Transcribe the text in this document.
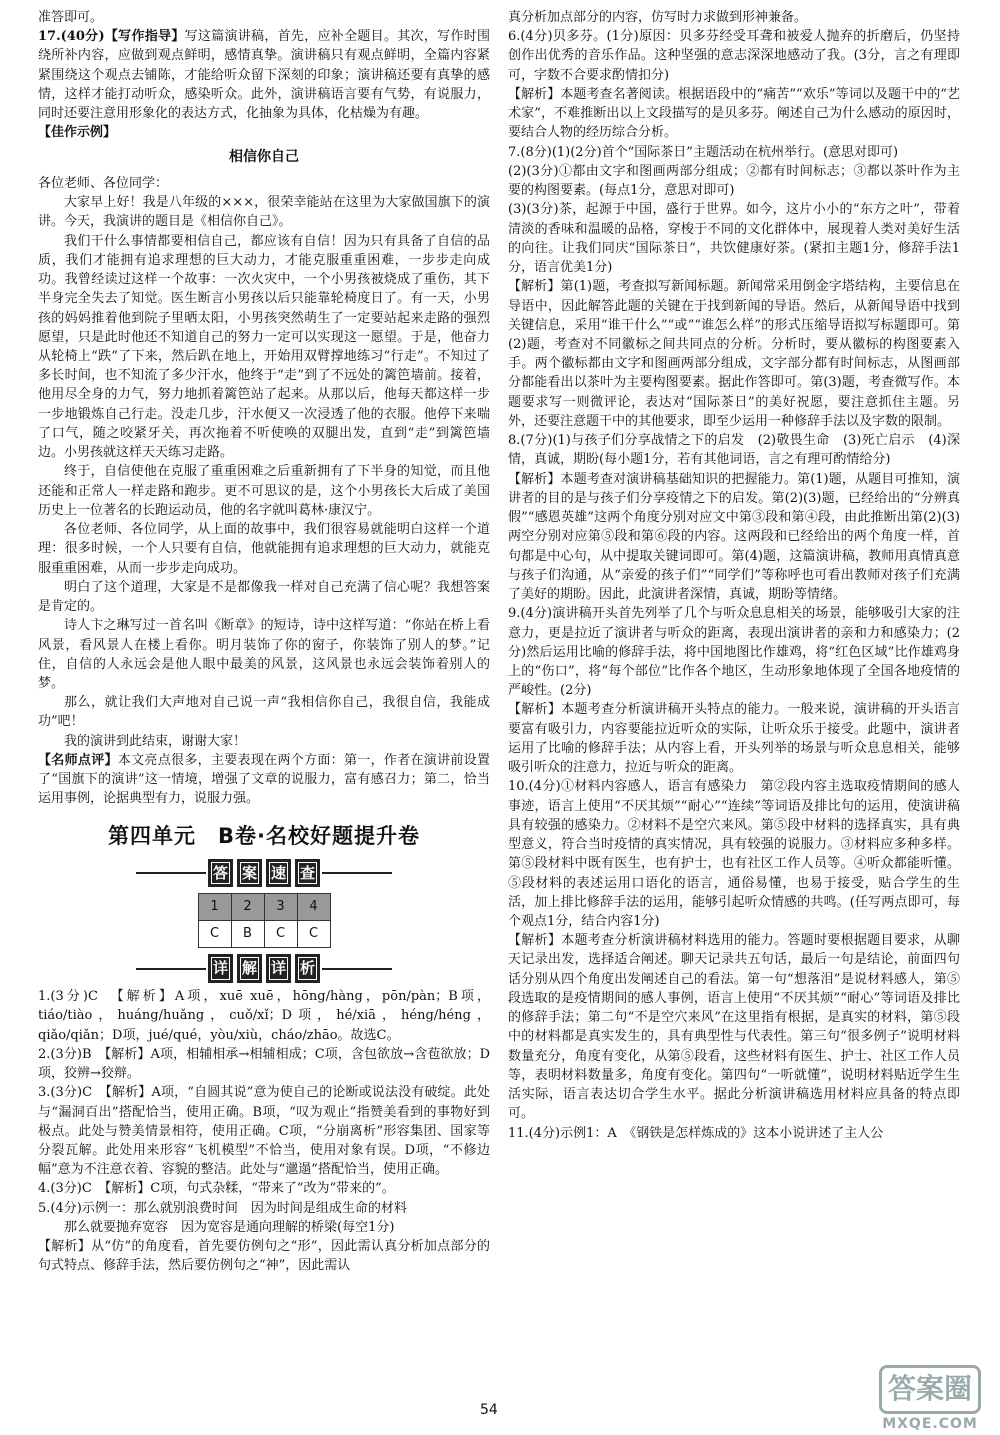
准答即可。

17.(40分)【写作指导】写这篇演讲稿，首先，应补全题目。其次，写作时围绕所补内容，应做到观点鲜明，感情真挚。演讲稿只有观点鲜明，全篇内容紧紧围绕这个观点去铺陈，才能给听众留下深刻的印象；演讲稿还要有真挚的感情，这样才能打动听众，感染听众。此外，演讲稿语言要有气势，有说服力，同时还要注意用形象化的表达方式，化抽象为具体，化枯燥为有趣。

【佳作示例】

相信你自己

各位老师、各位同学：

大家早上好！我是八年级的×××，很荣幸能站在这里为大家做国旗下的演讲。今天，我演讲的题目是《相信你自己》。

我们干什么事情都要相信自己，都应该有自信！因为只有具备了自信的品质，我们才能拥有追求理想的巨大动力，才能克服重重困难，一步步走向成功。我曾经读过这样一个故事：一次火灾中，一个小男孩被烧成了重伤，其下半身完全失去了知觉。医生断言小男孩以后只能靠轮椅度日了。有一天，小男孩的妈妈推着他到院子里晒太阳，小男孩突然萌生了一定要站起来走路的强烈愿望，只是此时他还不知道自己的努力一定可以实现这一愿望。于是，他奋力从轮椅上“跌”了下来，然后趴在地上，开始用双臂撑地练习“行走”。不知过了多长时间，也不知流了多少汗水，他终于“走”到了不远处的篱笆墙前。接着，他用尽全身的力气，努力地抓着篱笆站了起来。从那以后，他每天都这样一步一步地锻炼自己行走。没走几步，汗水便又一次浸透了他的衣服。他停下来喘了口气，随之咬紧牙关，再次拖着不听使唤的双腿出发，直到“走”到篱笆墙边。小男孩就这样天天练习走路。

终于，自信使他在克服了重重困难之后重新拥有了下半身的知觉，而且他还能和正常人一样走路和跑步。更不可思议的是，这个小男孩长大后成了美国历史上一位著名的长跑运动员，他的名字就叫葛林·康汉宁。

各位老师、各位同学，从上面的故事中，我们很容易就能明白这样一个道理：很多时候，一个人只要有自信，他就能拥有追求理想的巨大动力，就能克服重重困难，从而一步步走向成功。

明白了这个道理，大家是不是都像我一样对自己充满了信心呢？我想答案是肯定的。

诗人卞之琳写过一首名叫《断章》的短诗，诗中这样写道：“你站在桥上看风景，看风景人在楼上看你。明月装饰了你的窗子，你装饰了别人的梦。”记住，自信的人永远会是他人眼中最美的风景，这风景也永远会装饰着别人的梦。

那么，就让我们大声地对自己说一声“我相信你自己，我很自信，我能成功”吧！

我的演讲到此结束，谢谢大家！

【名师点评】本文亮点很多，主要表现在两个方面：第一，作者在演讲前设置了“国旗下的演讲”这一情境，增强了文章的说服力，富有感召力；第二，恰当运用事例，论据典型有力，说服力强。

第四单元　B卷·名校好题提升卷
答 案 速 查
1	2	3	4
C	B	C	C
详 解 详 析

1.(3分)C　【解析】A项，xuē xuē，hōng/hàng，pōn/pàn；B项，tiáo/tiào，huáng/huǎng，cuǒ/xǐ；D项，hé/xiā，héng/héng，qiǎo/qiǎn；D项，jué/qué，yòu/xiù，cháo/zhāo。故选C。

2.(3分)B　【解析】A项，相辅相承→相辅相成；C项，含包欲放→含苞欲放；D项，狡辨→狡辩。

3.(3分)C　【解析】A项，“自圆其说”意为使自己的论断或说法没有破绽。此处与“漏洞百出”搭配恰当，使用正确。B项，“叹为观止”指赞美看到的事物好到极点。此处与赞美情景相符，使用正确。C项，“分崩离析”形容集团、国家等分裂瓦解。此处用来形容“飞机模型”不恰当，使用对象有误。D项，“不修边幅”意为不注意衣着、容貌的整洁。此处与“邋遢”搭配恰当，使用正确。

4.(3分)C　【解析】C项，句式杂糅，“带来了”改为“带来的”。

5.(4分)示例一：那么就别浪费时间　因为时间是组成生命的材料

那么就要抛弃宽容　因为宽容是通向理解的桥梁(每空1分)

【解析】从“仿”的角度看，首先要仿例句之“形”，因此需认真分析加点部分的句式特点、修辞手法，然后要仿例句之“神”，因此需认

真分析加点部分的内容，仿写时力求做到形神兼备。

6.(4分)贝多芬。(1分)原因：贝多芬经受耳聋和被爱人抛弃的折磨后，仍坚持创作出优秀的音乐作品。这种坚强的意志深深地感动了我。(3分，言之有理即可，字数不合要求酌情扣分)

【解析】本题考查名著阅读。根据语段中的“痛苦”“欢乐”等词以及题干中的“艺术家”，不难推断出以上文段描写的是贝多芬。阐述自己为什么感动的原因时，要结合人物的经历综合分析。

7.(8分)(1)(2分)首个“国际茶日”主题活动在杭州举行。(意思对即可)

(2)(3分)①都由文字和图画两部分组成；②都有时间标志；③都以茶叶作为主要的构图要素。(每点1分，意思对即可)

(3)(3分)茶，起源于中国，盛行于世界。如今，这片小小的“东方之叶”，带着清淡的香味和温暖的品格，穿梭于不同的文化群体中，展现着人类对美好生活的向往。让我们同庆“国际茶日”，共饮健康好茶。(紧扣主题1分，修辞手法1分，语言优美1分)

【解析】第(1)题，考查拟写新闻标题。新闻常采用倒金字塔结构，主要信息在导语中，因此解答此题的关键在于找到新闻的导语。然后，从新闻导语中找到关键信息，采用“谁干什么”“或”“谁怎么样”的形式压缩导语拟写标题即可。第(2)题，考查对不同徽标之间共同点的分析。分析时，要从徽标的构图要素入手。两个徽标都由文字和图画两部分组成，文字部分都有时间标志，从图画部分都能看出以茶叶为主要构图要素。据此作答即可。第(3)题，考查微写作。本题要求写一则微评论，表达对“国际茶日”的美好祝愿，要注意抓住主题。另外，还要注意题干中的其他要求，即至少运用一种修辞手法以及字数的限制。

8.(7分)(1)与孩子们分享战情之下的启发　(2)敬畏生命　(3)死亡启示　(4)深情，真诚，期盼(每小题1分，若有其他词语，言之有理可酌情给分)

【解析】本题考查对演讲稿基础知识的把握能力。第(1)题，从题目可推知，演讲者的目的是与孩子们分享疫情之下的启发。第(2)(3)题，已经给出的“分辨真假”“感恩英雄”这两个角度分别对应文中第③段和第④段，由此推断出第(2)(3)两空分别对应第⑤段和第⑥段的内容。这两段和已经给出的两个角度一样，首句都是中心句，从中提取关键词即可。第(4)题，这篇演讲稿，教师用真情真意与孩子们沟通，从“亲爱的孩子们”“同学们”等称呼也可看出教师对孩子们充满了美好的期盼。因此，此演讲者深情，真诚，期盼等情绪。

9.(4分)演讲稿开头首先列举了几个与听众息息相关的场景，能够吸引大家的注意力，更是拉近了演讲者与听众的距离，表现出演讲者的亲和力和感染力；(2分)然后运用比喻的修辞手法，将中国地图比作雄鸡，将“红色区域”比作雄鸡身上的“伤口”，将“每个部位”比作各个地区，生动形象地体现了全国各地疫情的严峻性。(2分)

【解析】本题考查分析演讲稿开头特点的能力。一般来说，演讲稿的开头语言要富有吸引力，内容要能拉近听众的实际，让听众乐于接受。此题中，演讲者运用了比喻的修辞手法；从内容上看，开头列举的场景与听众息息相关，能够吸引听众的注意力，拉近与听众的距离。

10.(4分)①材料内容感人，语言有感染力　第②段内容主选取疫情期间的感人事迹，语言上使用“不厌其烦”“耐心”“连续”等词语及排比句的运用，使演讲稿具有较强的感染力。②材料不是空穴来风。第⑤段中材料的选择真实，具有典型意义，符合当时疫情的真实情况，具有较强的说服力。③材料应多种多样。第⑤段材料中既有医生，也有护士，也有社区工作人员等。④听众都能听懂。⑤段材料的表述运用口语化的语言，通俗易懂，也易于接受，贴合学生的生活，加上排比修辞手法的运用，能够引起听众情感的共鸣。(任写两点即可，每个观点1分，结合内容1分)

【解析】本题考查分析演讲稿材料选用的能力。答题时要根据题目要求，从聊天记录出发，选择适合阐述。聊天记录共五句话，最后一句是结论，前面四句话分别从四个角度出发阐述自己的看法。第一句“想落泪”是说材料感人，第⑤段选取的是疫情期间的感人事例，语言上使用“不厌其烦”“耐心”等词语及排比的修辞手法；第二句“不是空穴来风”在这里指有根据，是真实的材料，第⑤段中的材料都是真实发生的，具有典型性与代表性。第三句“很多例子”说明材料数量充分，角度有变化，从第⑤段看，这些材料有医生、护士、社区工作人员等，表明材料数量多，角度有变化。第四句“一听就懂”，说明材料贴近学生生活实际，语言表达切合学生水平。据此分析演讲稿选用材料应具备的特点即可。

11.(4分)示例1：A　《钢铁是怎样炼成的》这本小说讲述了主人公

54
答案圈
MXQE.COM
